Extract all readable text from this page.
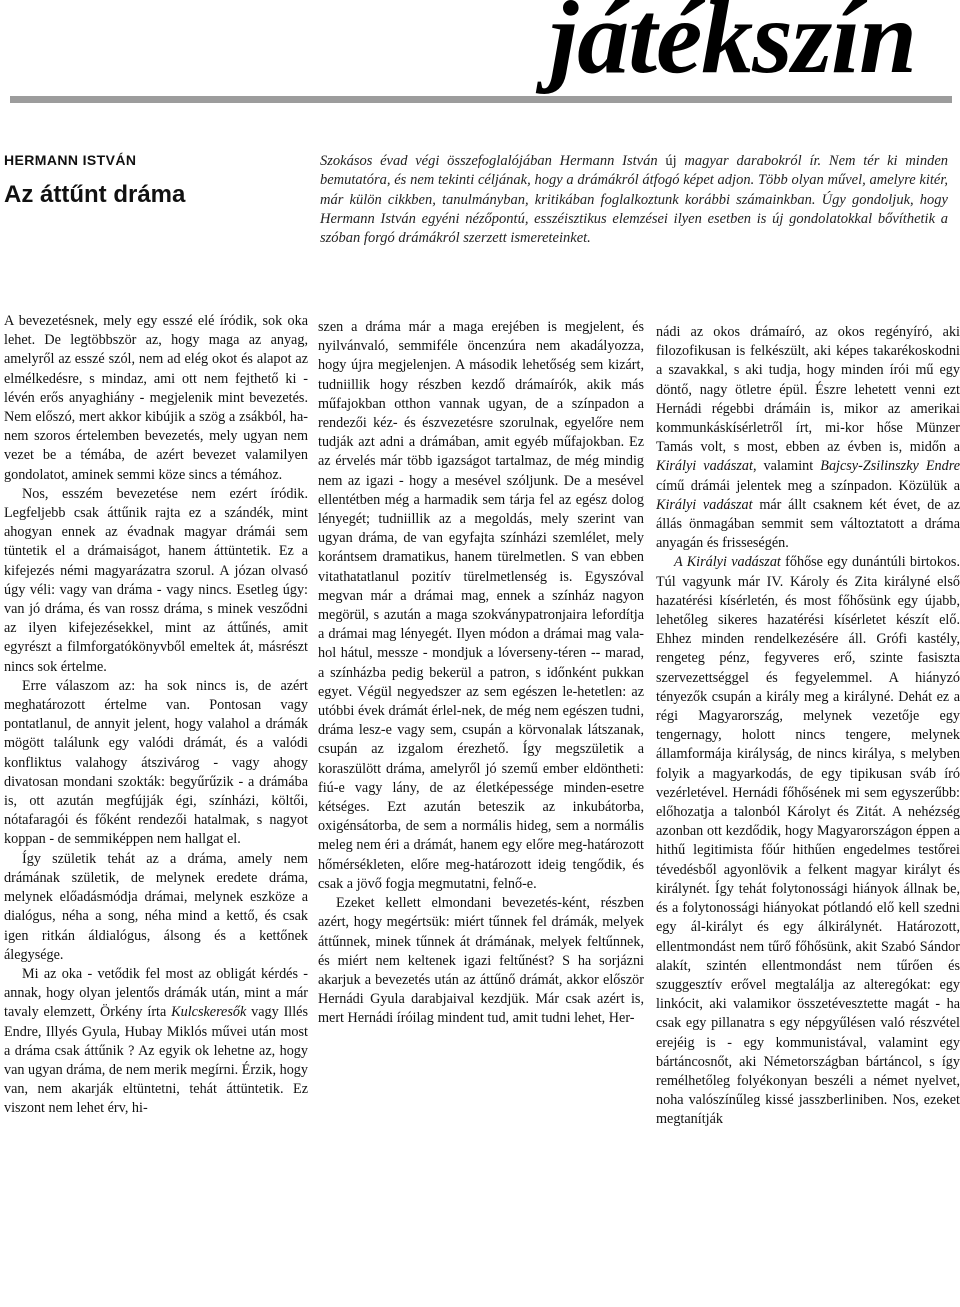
játékszín
HERMANN ISTVÁN
Az áttűnt dráma

Szokásos évad végi összefoglalójában Hermann István új magyar darabokról ír. Nem tér ki minden bemutatóra, és nem tekinti céljának, hogy a drámákról átfogó képet adjon. Több olyan művel, amelyre kitér, már külön cikkben, tanulmányban, kritikában foglalkoztunk korábbi számainkban. Úgy gondoljuk, hogy Hermann István egyéni nézőpontú, esszéisztikus elemzései ilyen esetben is új gondolatokkal bővíthetik a szóban forgó drámákról szerzett ismereteinket.

A bevezetésnek, mely egy esszé elé íródik, sok oka lehet. De legtöbbször az, hogy maga az anyag, amelyről az esszé szól, nem ad elég okot és alapot az elmélkedésre, s mindaz, ami ott nem fejthető ki - lévén erős anyaghiány - megjelenik mint bevezetés. Nem előszó, mert akkor kibújik a szög a zsákból, ha-nem szoros értelemben bevezetés, mely ugyan nem vezet be a témába, de azért bevezet valamilyen gondolatot, aminek semmi köze sincs a témához.

Nos, esszém bevezetése nem ezért íródik. Legfeljebb csak áttűnik rajta ez a szándék, mint ahogyan ennek az évadnak magyar drámái sem tüntetik el a drámaiságot, hanem áttüntetik. Ez a kifejezés némi magyarázatra szorul. A józan olvasó úgy véli: vagy van dráma - vagy nincs. Esetleg úgy: van jó dráma, és van rossz dráma, s minek vesződni az ilyen kifejezésekkel, mint az áttűnés, amit egyrészt a filmforgatókönyvből emeltek át, másrészt nincs sok értelme.

Erre válaszom az: ha sok nincs is, de azért meghatározott értelme van. Pontosan vagy pontatlanul, de annyit jelent, hogy valahol a drámák mögött találunk egy valódi drámát, és a valódi konfliktus valahogy átszivárog - vagy ahogy divatosan mondani szokták: begyűrűzik - a drámába is, ott azután megfújják égi, színházi, költői, nótafaragói és főként rendezői hatalmak, s nagyot koppan - de semmiképpen nem hallgat el.

Így születik tehát az a dráma, amely nem drámának születik, de melynek eredete dráma, melynek előadásmódja drámai, melynek eszköze a dialógus, néha a song, néha mind a kettő, és csak igen ritkán áldialógus, álsong és a kettőnek álegysége.

Mi az oka - vetődik fel most az obligát kérdés - annak, hogy olyan jelentős drámák után, mint a már tavaly elemzett, Örkény írta Kulcskeresők vagy Illés Endre, Illyés Gyula, Hubay Miklós művei után most a dráma csak áttűnik ? Az egyik ok lehetne az, hogy van ugyan dráma, de nem merik megírni. Érzik, hogy van, nem akarják eltüntetni, tehát áttüntetik. Ez viszont nem lehet érv, hi-

szen a dráma már a maga erejében is megjelent, és nyilvánvaló, semmiféle öncenzúra nem akadályozza, hogy újra megjelenjen. A második lehetőség sem kizárt, tudniillik hogy részben kezdő drámaírók, akik más műfajokban otthon vannak ugyan, de a színpadon a rendezői kéz- és észvezetésre szorulnak, egyelőre nem tudják azt adni a drámában, amit egyéb műfajokban. Ez az érvelés már több igazságot tartalmaz, de még mindig nem az igazi - hogy a mesével szóljunk. De a mesével ellentétben még a harmadik sem tárja fel az egész dolog lényegét; tudniillik az a megoldás, mely szerint van ugyan dráma, de van egyfajta színházi szemlélet, mely korántsem dramatikus, hanem türelmetlen. S van ebben vitathatatlanul pozitív türelmetlenség is. Egyszóval megvan már a drámai mag, ennek a színház nagyon megörül, s azután a maga szokványpatronjaira lefordítja a drámai mag lényegét. Ilyen módon a drámai mag vala-hol hátul, messze - mondjuk a lóverseny-téren -- marad, a színházba pedig bekerül a patron, s időnként pukkan egyet. Végül negyedszer az sem egészen le-hetetlen: az utóbbi évek drámát érlel-nek, de még nem egészen tudni, dráma lesz-e vagy sem, csupán a körvonalak látszanak, csupán az izgalom érezhető. Így megszületik a koraszülött dráma, amelyről jó szemű ember eldöntheti: fiú-e vagy lány, de az életképessége minden-esetre kétséges. Ezt azután beteszik az inkubátorba, oxigénsátorba, de sem a normális hideg, sem a normális meleg nem éri a drámát, hanem egy előre meg-határozott hőmérsékleten, előre meg-határozott ideig tengődik, és csak a jövő fogja megmutatni, felnő-e.

Ezeket kellett elmondani bevezetés-ként, részben azért, hogy megértsük: miért tűnnek fel drámák, melyek áttűnnek, minek tűnnek át drámának, melyek feltűnnek, és miért nem keltenek igazi feltűnést? S ha sorjázni akarjuk a bevezetés után az áttűnő drámát, akkor először Hernádi Gyula darabjaival kezdjük. Már csak azért is, mert Hernádi íróilag mindent tud, amit tudni lehet, Her-

nádi az okos drámaíró, az okos regényíró, aki filozofikusan is felkészült, aki képes takarékoskodni a szavakkal, s aki tudja, hogy minden írói mű egy döntő, nagy ötletre épül. Észre lehetett venni ezt Hernádi régebbi drámáin is, mikor az amerikai kommunkáskísérletről írt, mi-kor hőse Münzer Tamás volt, s most, ebben az évben is, midőn a Királyi vadászat, valamint Bajcsy-Zsilinszky Endre című drámái jelentek meg a színpadon. Közülük a Királyi vadászat már állt csaknem két évet, de az állás önmagában semmit sem változtatott a dráma anyagán és frisseségén.

A Királyi vadászat főhőse egy dunántúli birtokos. Túl vagyunk már IV. Károly és Zita királyné első hazatérési kísérletén, és most főhősünk egy újabb, lehetőleg sikeres hazatérési kísérletet készít elő. Ehhez minden rendelkezésére áll. Grófi kastély, rengeteg pénz, fegyveres erő, szinte fasiszta szervezettséggel és fegyelemmel. A hiányzó tényezők csupán a király meg a királyné. Dehát ez a régi Magyarország, melynek vezetője egy tengernagy, holott nincs tengere, melynek államformája királyság, de nincs királya, s melyben folyik a magyarkodás, de egy tipikusan sváb író vezérletével. Hernádi főhősének mi sem egyszerűbb: előhozatja a talonból Károlyt és Zitát. A nehézség azonban ott kezdődik, hogy Magyarországon éppen a hithű legitimista főúr hithűen engedelmes testőrei tévedésből agyonlövik a felkent magyar királyt és királynét. Így tehát folytonossági hiányok állnak be, és a folytonossági hiányokat pótlandó elő kell szedni egy ál-királyt és egy álkirálynét. Határozott, ellentmondást nem tűrő főhősünk, akit Szabó Sándor alakít, szintén ellentmondást nem tűrően és szuggesztív erővel megtalálja az alteregókat: egy linkócit, aki valamikor összetévesztette magát - ha csak egy pillanatra s egy népgyűlésen való részvétel erejéig is - egy kommunistával, valamint egy bártáncosnőt, aki Németországban bártáncol, s így remélhetőleg folyékonyan beszéli a német nyelvet, noha valószínűleg kissé jasszberliniben. Nos, ezeket megtanítják
